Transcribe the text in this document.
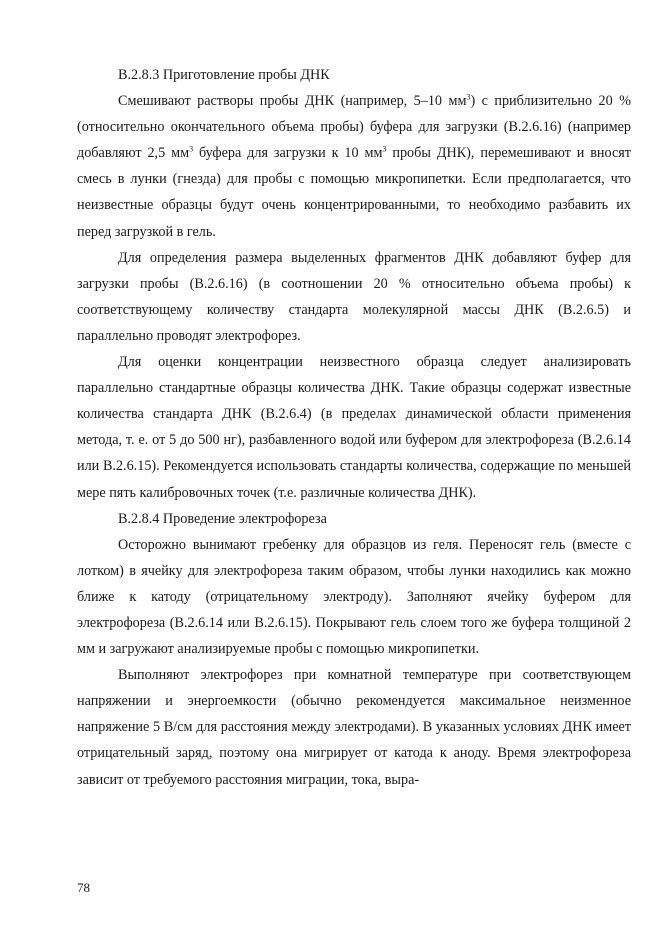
В.2.8.3 Приготовление пробы ДНК

Смешивают растворы пробы ДНК (например, 5–10 $мм^3$) с приблизительно 20 % (относительно окончательного объема пробы) буфера для загрузки (В.2.6.16) (например добавляют 2,5 $мм^3$ буфера для загрузки к 10 $мм^3$ пробы ДНК), перемешивают и вносят смесь в лунки (гнезда) для пробы с помощью микропипетки. Если предполагается, что неизвестные образцы будут очень концентрированными, то необходимо разбавить их перед загрузкой в гель.

Для определения размера выделенных фрагментов ДНК добавляют буфер для загрузки пробы (В.2.6.16) (в соотношении 20 % относительно объема пробы) к соответствующему количеству стандарта молекулярной массы ДНК (В.2.6.5) и параллельно проводят электрофорез.

Для оценки концентрации неизвестного образца следует анализировать параллельно стандартные образцы количества ДНК. Такие образцы содержат известные количества стандарта ДНК (В.2.6.4) (в пределах динамической области применения метода, т. е. от 5 до 500 нг), разбавленного водой или буфером для электрофореза (В.2.6.14 или В.2.6.15). Рекомендуется использовать стандарты количества, содержащие по меньшей мере пять калибровочных точек (т.е. различные количества ДНК).

В.2.8.4 Проведение электрофореза

Осторожно вынимают гребенку для образцов из геля. Переносят гель (вместе с лотком) в ячейку для электрофореза таким образом, чтобы лунки находились как можно ближе к катоду (отрицательному электроду). Заполняют ячейку буфером для электрофореза (В.2.6.14 или В.2.6.15). Покрывают гель слоем того же буфера толщиной 2 мм и загружают анализируемые пробы с помощью микропипетки.

Выполняют электрофорез при комнатной температуре при соответствующем напряжении и энергоемкости (обычно рекомендуется максимальное неизменное напряжение 5 В/см для расстояния между электродами). В указанных условиях ДНК имеет отрицательный заряд, поэтому она мигрирует от катода к аноду. Время электрофореза зависит от требуемого расстояния миграции, тока, выра-

78
